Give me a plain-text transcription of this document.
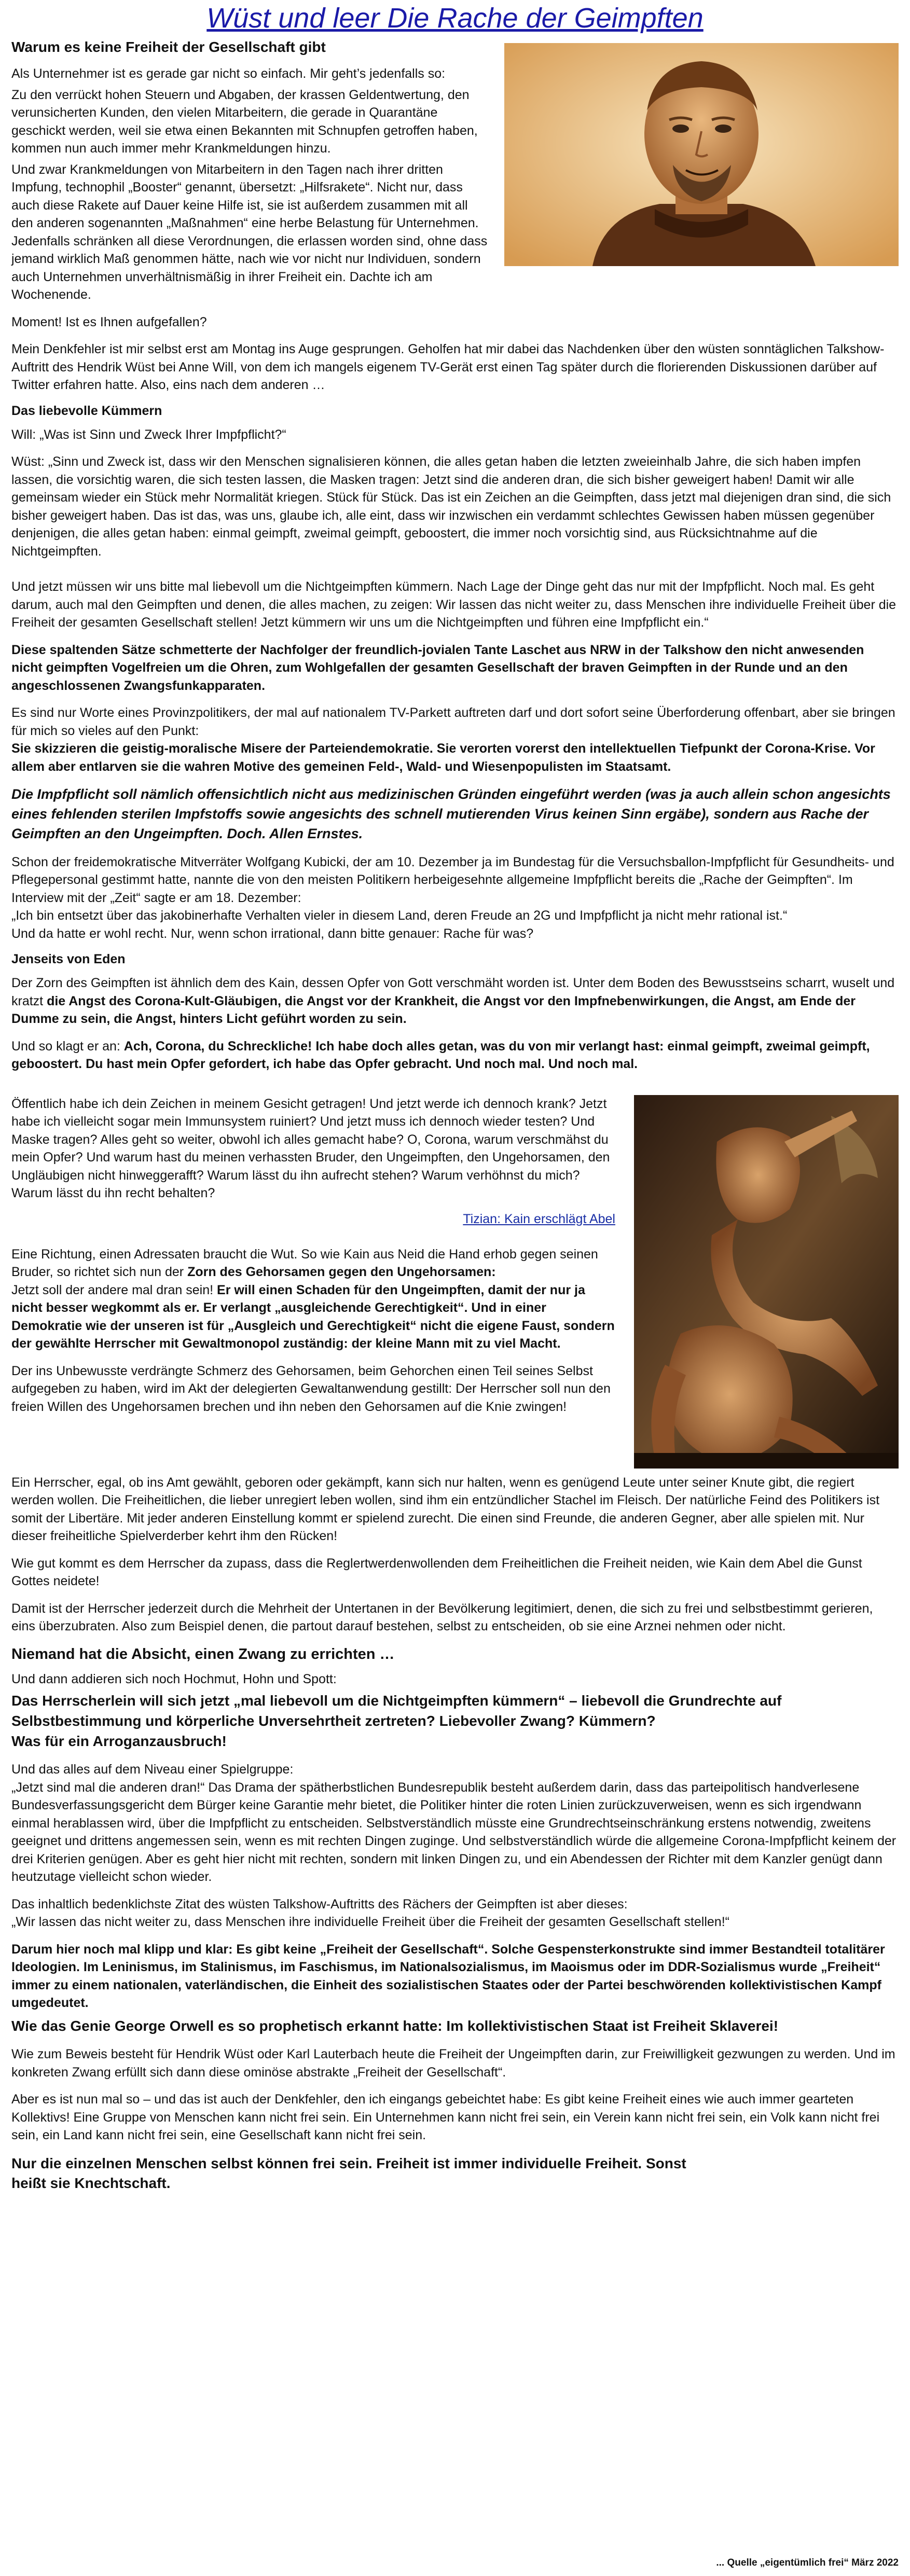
Wüst und leer Die Rache der Geimpften
Warum es keine Freiheit der Gesellschaft gibt

Als Unternehmer ist es gerade gar nicht so einfach. Mir geht’s jedenfalls so:

Zu den verrückt hohen Steuern und Abgaben, der krassen Geldentwertung, den verunsicherten Kunden, den vielen Mitarbeitern, die gerade in Quarantäne geschickt werden, weil sie etwa einen Bekannten mit Schnupfen getroffen haben, kommen nun auch immer mehr Krankmeldungen hinzu.

Und zwar Krankmeldungen von Mitarbeitern in den Tagen nach ihrer dritten Impfung, technophil „Booster“ genannt, übersetzt: „Hilfsrakete“. Nicht nur, dass auch diese Rakete auf Dauer keine Hilfe ist, sie ist außerdem zusammen mit all den anderen sogenannten „Maßnahmen“ eine herbe Belastung für Unternehmen. Jedenfalls schränken all diese Verordnungen, die erlassen worden sind, ohne dass jemand wirklich Maß genommen hätte, nach wie vor nicht nur Individuen, sondern auch Unternehmen unverhältnismäßig in ihrer Freiheit ein. Dachte ich am Wochenende.

Moment! Ist es Ihnen aufgefallen?

Mein Denkfehler ist mir selbst erst am Montag ins Auge gesprungen. Geholfen hat mir dabei das Nachdenken über den wüsten sonntäglichen Talkshow-Auftritt des Hendrik Wüst bei Anne Will, von dem ich mangels eigenem TV-Gerät erst einen Tag später durch die florierenden Diskussionen darüber auf Twitter erfahren hatte. Also, eins nach dem anderen …

Das liebevolle Kümmern

Will: „Was ist Sinn und Zweck Ihrer Impfpflicht?“

Wüst: „Sinn und Zweck ist, dass wir den Menschen signalisieren können, die alles getan haben die letzten zweieinhalb Jahre, die sich haben impfen lassen, die vorsichtig waren, die sich testen lassen, die Masken tragen: Jetzt sind die anderen dran, die sich bisher geweigert haben! Damit wir alle gemeinsam wieder ein Stück mehr Normalität kriegen. Stück für Stück. Das ist ein Zeichen an die Geimpften, dass jetzt mal diejenigen dran sind, die sich bisher geweigert haben. Das ist das, was uns, glaube ich, alle eint, dass wir inzwischen ein verdammt schlechtes Gewissen haben müssen gegenüber denjenigen, die alles getan haben: einmal geimpft, zweimal geimpft, geboostert, die immer noch vorsichtig sind, aus Rücksichtnahme auf die Nichtgeimpften.

Und jetzt müssen wir uns bitte mal liebevoll um die Nichtgeimpften kümmern. Nach Lage der Dinge geht das nur mit der Impfpflicht. Noch mal. Es geht darum, auch mal den Geimpften und denen, die alles machen, zu zeigen: Wir lassen das nicht weiter zu, dass Menschen ihre individuelle Freiheit über die Freiheit der gesamten Gesellschaft stellen! Jetzt kümmern wir uns um die Nichtgeimpften und führen eine Impfpflicht ein.“

Diese spaltenden Sätze schmetterte der Nachfolger der freundlich-jovialen Tante Laschet aus NRW in der Talkshow den nicht anwesenden nicht geimpften Vogelfreien um die Ohren, zum Wohlgefallen der gesamten Gesellschaft der braven Geimpften in der Runde und an den angeschlossenen Zwangsfunkapparaten.

Es sind nur Worte eines Provinzpolitikers, der mal auf nationalem TV-Parkett auftreten darf und dort sofort seine Überforderung offenbart, aber sie bringen für mich so vieles auf den Punkt:
Sie skizzieren die geistig-moralische Misere der Parteiendemokratie. Sie verorten vorerst den intellektuellen Tiefpunkt der Corona-Krise. Vor allem aber entlarven sie die wahren Motive des gemeinen Feld-, Wald- und Wiesenpopulisten im Staatsamt.

Die Impfpflicht soll nämlich offensichtlich nicht aus medizinischen Gründen eingeführt werden (was ja auch allein schon angesichts eines fehlenden sterilen Impfstoffs sowie angesichts des schnell mutierenden Virus keinen Sinn ergäbe), sondern aus Rache der Geimpften an den Ungeimpften. Doch. Allen Ernstes.

Schon der freidemokratische Mitverräter Wolfgang Kubicki, der am 10. Dezember ja im Bundestag für die Versuchsballon-Impfpflicht für Gesundheits- und Pflegepersonal gestimmt hatte, nannte die von den meisten Politikern herbeigesehnte allgemeine Impfpflicht bereits die „Rache der Geimpften“. Im Interview mit der „Zeit“ sagte er am 18. Dezember:
„Ich bin entsetzt über das jakobinerhafte Verhalten vieler in diesem Land, deren Freude an 2G und Impfpflicht ja nicht mehr rational ist.“
Und da hatte er wohl recht. Nur, wenn schon irrational, dann bitte genauer: Rache für was?

Jenseits von Eden

Der Zorn des Geimpften ist ähnlich dem des Kain, dessen Opfer von Gott verschmäht worden ist. Unter dem Boden des Bewusstseins scharrt, wuselt und kratzt die Angst des Corona-Kult-Gläubigen, die Angst vor der Krankheit, die Angst vor den Impfnebenwirkungen, die Angst, am Ende der Dumme zu sein, die Angst, hinters Licht geführt worden zu sein.

Und so klagt er an: Ach, Corona, du Schreckliche! Ich habe doch alles getan, was du von mir verlangt hast: einmal geimpft, zweimal geimpft, geboostert. Du hast mein Opfer gefordert, ich habe das Opfer gebracht. Und noch mal. Und noch mal.

Öffentlich habe ich dein Zeichen in meinem Gesicht getragen! Und jetzt werde ich dennoch krank? Jetzt habe ich vielleicht sogar mein Immunsystem ruiniert? Und jetzt muss ich dennoch wieder testen? Und Maske tragen? Alles geht so weiter, obwohl ich alles gemacht habe? O, Corona, warum verschmähst du mein Opfer? Und warum hast du meinen verhassten Bruder, den Ungeimpften, den Ungehorsamen, den Ungläubigen nicht hinweggerafft? Warum lässt du ihn aufrecht stehen? Warum verhöhnst du mich? Warum lässt du ihn recht behalten?

Tizian: Kain erschlägt Abel

Eine Richtung, einen Adressaten braucht die Wut. So wie Kain aus Neid die Hand erhob gegen seinen Bruder, so richtet sich nun der Zorn des Gehorsamen gegen den Ungehorsamen:
Jetzt soll der andere mal dran sein! Er will einen Schaden für den Ungeimpften, damit der nur ja nicht besser wegkommt als er. Er verlangt „ausgleichende Gerechtigkeit“. Und in einer Demokratie wie der unseren ist für „Ausgleich und Gerechtigkeit“ nicht die eigene Faust, sondern der gewählte Herrscher mit Gewaltmonopol zuständig: der kleine Mann mit zu viel Macht.

Der ins Unbewusste verdrängte Schmerz des Gehorsamen, beim Gehorchen einen Teil seines Selbst aufgegeben zu haben, wird im Akt der delegierten Gewaltanwendung gestillt: Der Herrscher soll nun den freien Willen des Ungehorsamen brechen und ihn neben den Gehorsamen auf die Knie zwingen!

Ein Herrscher, egal, ob ins Amt gewählt, geboren oder gekämpft, kann sich nur halten, wenn es genügend Leute unter seiner Knute gibt, die regiert werden wollen. Die Freiheitlichen, die lieber unregiert leben wollen, sind ihm ein entzündlicher Stachel im Fleisch. Der natürliche Feind des Politikers ist somit der Libertäre. Mit jeder anderen Einstellung kommt er spielend zurecht. Die einen sind Freunde, die anderen Gegner, aber alle spielen mit. Nur dieser freiheitliche Spielverderber kehrt ihm den Rücken!

Wie gut kommt es dem Herrscher da zupass, dass die Reglertwerdenwollenden dem Freiheitlichen die Freiheit neiden, wie Kain dem Abel die Gunst Gottes neidete!

Damit ist der Herrscher jederzeit durch die Mehrheit der Untertanen in der Bevölkerung legitimiert, denen, die sich zu frei und selbstbestimmt gerieren, eins überzubraten. Also zum Beispiel denen, die partout darauf bestehen, selbst zu entscheiden, ob sie eine Arznei nehmen oder nicht.

Niemand hat die Absicht, einen Zwang zu errichten …

Und dann addieren sich noch Hochmut, Hohn und Spott:

Das Herrscherlein will sich jetzt „mal liebevoll um die Nichtgeimpften kümmern“ – liebevoll die Grundrechte auf Selbstbestimmung und körperliche Unversehrtheit zertreten? Liebevoller Zwang? Kümmern?
Was für ein Arroganzausbruch!

Und das alles auf dem Niveau einer Spielgruppe:
„Jetzt sind mal die anderen dran!“ Das Drama der spätherbstlichen Bundesrepublik besteht außerdem darin, dass das parteipolitisch handverlesene Bundesverfassungsgericht dem Bürger keine Garantie mehr bietet, die Politiker hinter die roten Linien zurückzuverweisen, wenn es sich irgendwann einmal herablassen wird, über die Impfpflicht zu entscheiden. Selbstverständlich müsste eine Grundrechtseinschränkung erstens notwendig, zweitens geeignet und drittens angemessen sein, wenn es mit rechten Dingen zuginge. Und selbstverständlich würde die allgemeine Corona-Impfpflicht keinem der drei Kriterien genügen. Aber es geht hier nicht mit rechten, sondern mit linken Dingen zu, und ein Abendessen der Richter mit dem Kanzler genügt dann heutzutage vielleicht schon wieder.

Das inhaltlich bedenklichste Zitat des wüsten Talkshow-Auftritts des Rächers der Geimpften ist aber dieses:
„Wir lassen das nicht weiter zu, dass Menschen ihre individuelle Freiheit über die Freiheit der gesamten Gesellschaft stellen!“

Darum hier noch mal klipp und klar: Es gibt keine „Freiheit der Gesellschaft“. Solche Gespensterkonstrukte sind immer Bestandteil totalitärer Ideologien. Im Leninismus, im Stalinismus, im Faschismus, im Nationalsozialismus, im Maoismus oder im DDR-Sozialismus wurde „Freiheit“ immer zu einem nationalen, vaterländischen, die Einheit des sozialistischen Staates oder der Partei beschwörenden kollektivistischen Kampf umgedeutet.

Wie das Genie George Orwell es so prophetisch erkannt hatte: Im kollektivistischen Staat ist Freiheit Sklaverei!

Wie zum Beweis besteht für Hendrik Wüst oder Karl Lauterbach heute die Freiheit der Ungeimpften darin, zur Freiwilligkeit gezwungen zu werden. Und im konkreten Zwang erfüllt sich dann diese ominöse abstrakte „Freiheit der Gesellschaft“.

Aber es ist nun mal so – und das ist auch der Denkfehler, den ich eingangs gebeichtet habe: Es gibt keine Freiheit eines wie auch immer gearteten Kollektivs! Eine Gruppe von Menschen kann nicht frei sein. Ein Unternehmen kann nicht frei sein, ein Verein kann nicht frei sein, ein Volk kann nicht frei sein, ein Land kann nicht frei sein, eine Gesellschaft kann nicht frei sein.

Nur die einzelnen Menschen selbst können frei sein. Freiheit ist immer individuelle Freiheit. Sonst heißt sie Knechtschaft.

... Quelle „eigentümlich frei“ März 2022
